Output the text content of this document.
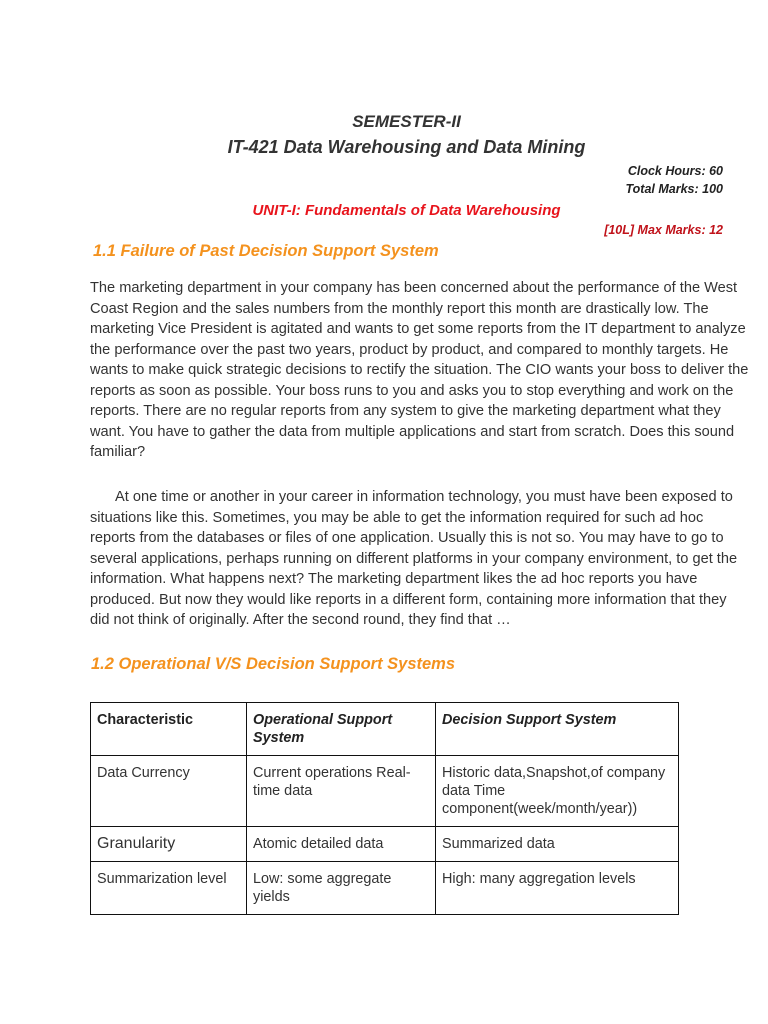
SEMESTER-II
IT-421 Data Warehousing and Data Mining
Clock Hours: 60
Total Marks: 100
UNIT-I: Fundamentals of Data Warehousing
[10L] Max Marks: 12
1.1 Failure of Past Decision Support System

The marketing department in your company has been concerned about the performance of the West Coast Region and the sales numbers from the monthly report this month are drastically low. The marketing Vice President is agitated and wants to get some reports from the IT department to analyze the performance over the past two years, product by product, and compared to monthly targets. He wants to make quick strategic decisions to rectify the situation. The CIO wants your boss to deliver the reports as soon as possible. Your boss runs to you and asks you to stop everything and work on the reports. There are no regular reports from any system to give the marketing department what they want. You have to gather the data from multiple applications and start from scratch. Does this sound familiar?

At one time or another in your career in information technology, you must have been exposed to situations like this. Sometimes, you may be able to get the information required for such ad hoc reports from the databases or files of one application. Usually this is not so. You may have to go to several applications, perhaps running on different platforms in your company environment, to get the information. What happens next? The marketing department likes the ad hoc reports you have produced. But now they would like reports in a different form, containing more information that they did not think of originally. After the second round, they find that …

1.2 Operational V/S Decision Support Systems
Characteristic	Operational Support System	Decision Support System
Data Currency	Current operations Real-time data	Historic data,Snapshot,of company data Time component(week/month/year))
Granularity	Atomic detailed data	Summarized data
Summarization level	Low: some aggregate yields	High: many aggregation levels
